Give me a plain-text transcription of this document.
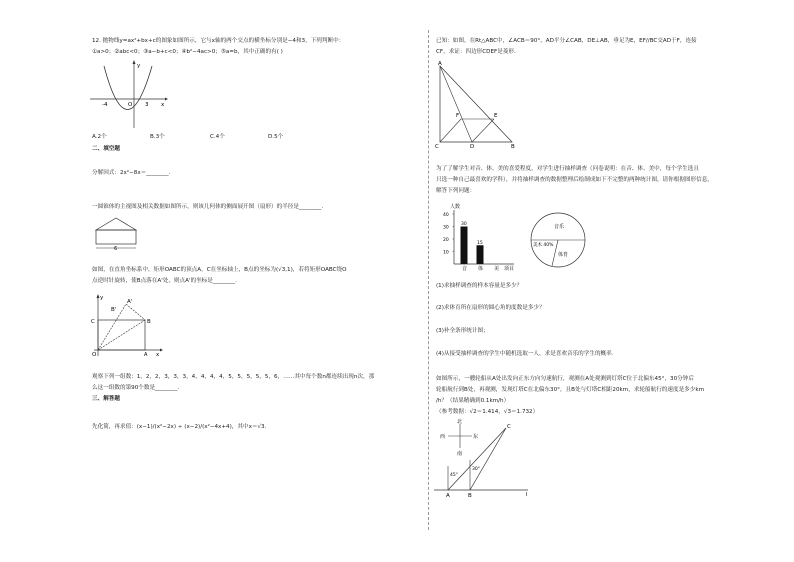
12. 抛物线y=ax²+bx+c的图象如图所示，它与x轴的两个交点的横坐标分别是−4和3，下列判断中：
①a>0；②abc<0；③a−b+c<0；④b²−4ac>0；⑤a=b，其中正确的有( )
y
x
O
-4	3
A.2个	B.3个	C.4个	D.5个
二、填空题
分解因式：2x²−8x＝________.
一圆锥体的主视图及相关数据如图所示，则该几何体的侧面展开图（扇形）的半径是________.
6
如图，在直角坐标系中，矩形OABC的顶点A，C在坐标轴上，B点的坐标为(√3,1)，若将矩形OABC绕O
点逆时针旋转，使B点落在A'处，则点A'的坐标是________.
y
x
O	A
B
C
A'
B'
观察下列一组数：1，2，2，3，3，3，4，4，4，4，5，5，5，5，5，6，……其中每个数n都连续出现n次，那
么这一组数的第90个数是________.
三、解答题
先化简，再求值：(x−1)/(x²−2x) ÷ (x−2)/(x²−4x+4)，其中x＝√3.
已知：如图，在Rt△ABC中，∠ACB＝90°，AD平分∠CAB，DE⊥AB，垂足为E，EF//BC交AD于F，连接
CF，求证：四边形CDEF是菱形.
A
C	D	B
E
F
为了了解学生对音、体、美的喜爱程度，对学生进行抽样调查（问卷说明：在音、体、美中，每个学生选且
只选一种自己最喜欢的学科），并将抽样调查的数据整理后绘制成如下不完整的两种统计图，请你根据图形信息，
解答下列问题：
人数
项目
10
20
30
40
音
30
体
15
美
音乐
美术 40%
体育
(1)求抽样调查的样本容量是多少？
(2)求体育所在扇形的圆心角的度数是多少？
(3)补全条形统计图；
(4)从接受抽样调查的学生中随机选取一人，求是喜欢音乐的学生的概率.
如图所示，一艘轮船从A处出发向正东方向匀速航行，观测在A处观测到灯塔C位于北偏东45°，30分钟后
轮船航行到B处，再观测，发现灯塔C在北偏东30°，且B处与灯塔C相距20km，求轮船航行的速度是多少km
/h？（结果精确到0.1km/h）
（参考数据：√2＝1.414，√3＝1.732）
北
南
西	东
A	B
C
l
45°
30°
